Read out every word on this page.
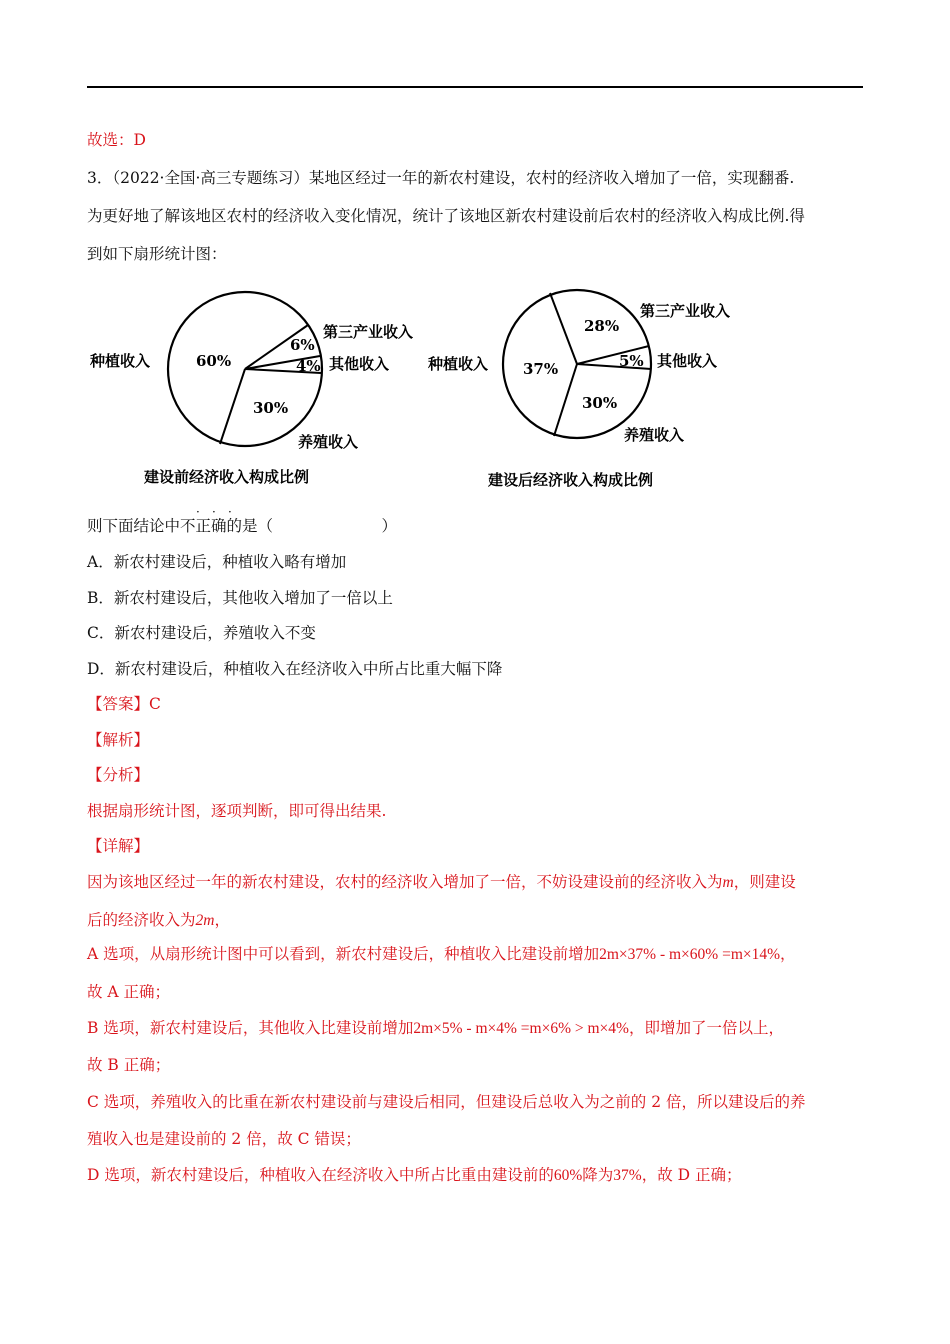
故选：D
3．（2022·全国·高三专题练习）某地区经过一年的新农村建设，农村的经济收入增加了一倍，实现翻番.
为更好地了解该地区农村的经济收入变化情况，统计了该地区新农村建设前后农村的经济收入构成比例.得
到如下扇形统计图：
种植收入
第三产业收入
其他收入
养殖收入
60%
6%
4%
30%
建设前经济收入构成比例
种植收入
第三产业收入
其他收入
养殖收入
37%
28%
5%
30%
建设后经济收入构成比例
· · ·
则下面结论中不正确的是（　　　　　　　）
A．新农村建设后，种植收入略有增加
B．新农村建设后，其他收入增加了一倍以上
C．新农村建设后，养殖收入不变
D．新农村建设后，种植收入在经济收入中所占比重大幅下降
【答案】C
【解析】
【分析】
根据扇形统计图，逐项判断，即可得出结果.
【详解】
因为该地区经过一年的新农村建设，农村的经济收入增加了一倍，不妨设建设前的经济收入为m，则建设
后的经济收入为2m，
A 选项，从扇形统计图中可以看到，新农村建设后，种植收入比建设前增加2m×37% - m×60% =m×14%，
故 A 正确；
B 选项，新农村建设后，其他收入比建设前增加2m×5% - m×4% =m×6% > m×4%，即增加了一倍以上，
故 B 正确；
C 选项，养殖收入的比重在新农村建设前与建设后相同，但建设后总收入为之前的 2 倍，所以建设后的养
殖收入也是建设前的 2 倍，故 C 错误；
D 选项，新农村建设后，种植收入在经济收入中所占比重由建设前的60%降为37%，故 D 正确；
